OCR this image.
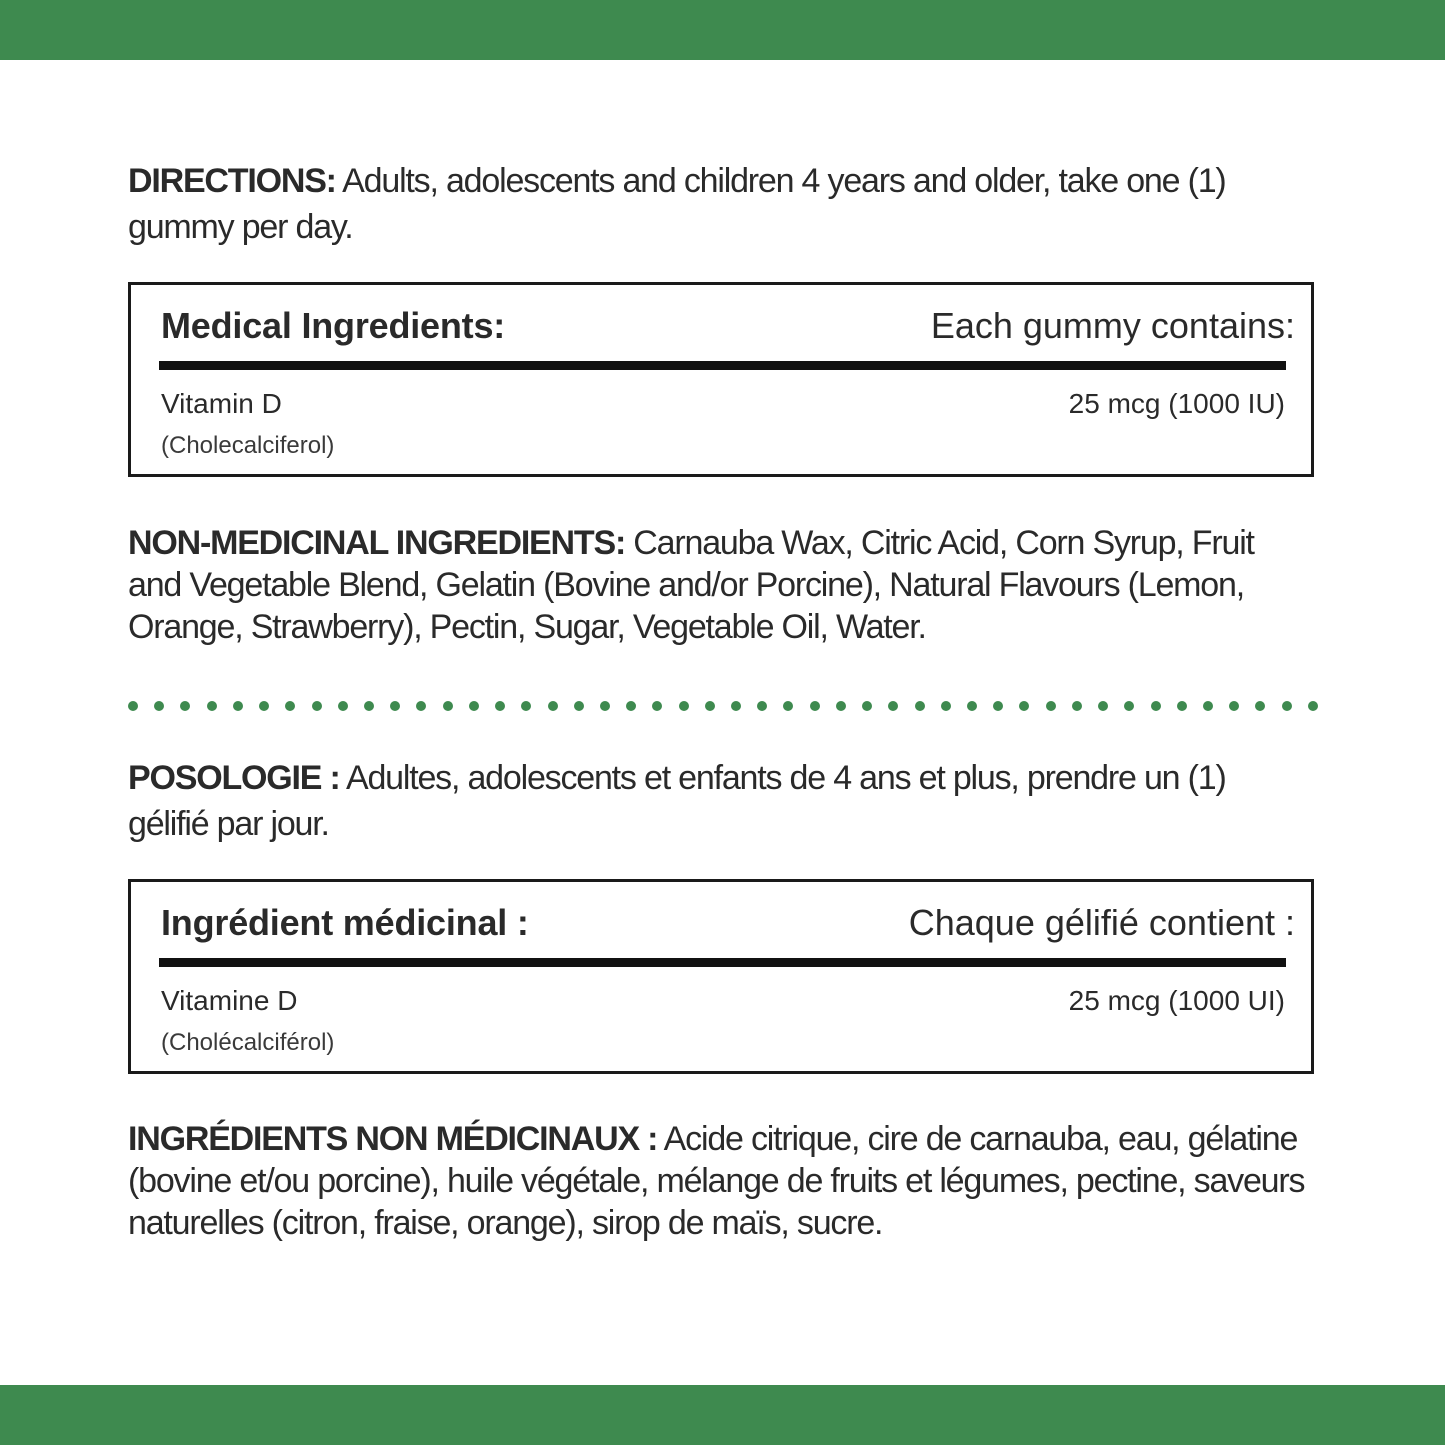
DIRECTIONS: Adults, adolescents and children 4 years and older, take one (1) gummy per day.

Medical Ingredients:	Each gummy contains:
Vitamin D
(Cholecalciferol)
25 mcg (1000 IU)

NON-MEDICINAL INGREDIENTS: Carnauba Wax, Citric Acid, Corn Syrup, Fruit and Vegetable Blend, Gelatin (Bovine and/or Porcine), Natural Flavours (Lemon, Orange, Strawberry), Pectin, Sugar, Vegetable Oil, Water.

POSOLOGIE : Adultes, adolescents et enfants de 4 ans et plus, prendre un (1) gélifié par jour.

Ingrédient médicinal :	Chaque gélifié contient :
Vitamine D
(Cholécalciférol)
25 mcg (1000 UI)

INGRÉDIENTS NON MÉDICINAUX : Acide citrique, cire de carnauba, eau, gélatine (bovine et/ou porcine), huile végétale, mélange de fruits et légumes, pectine, saveurs naturelles (citron, fraise, orange), sirop de maïs, sucre.
